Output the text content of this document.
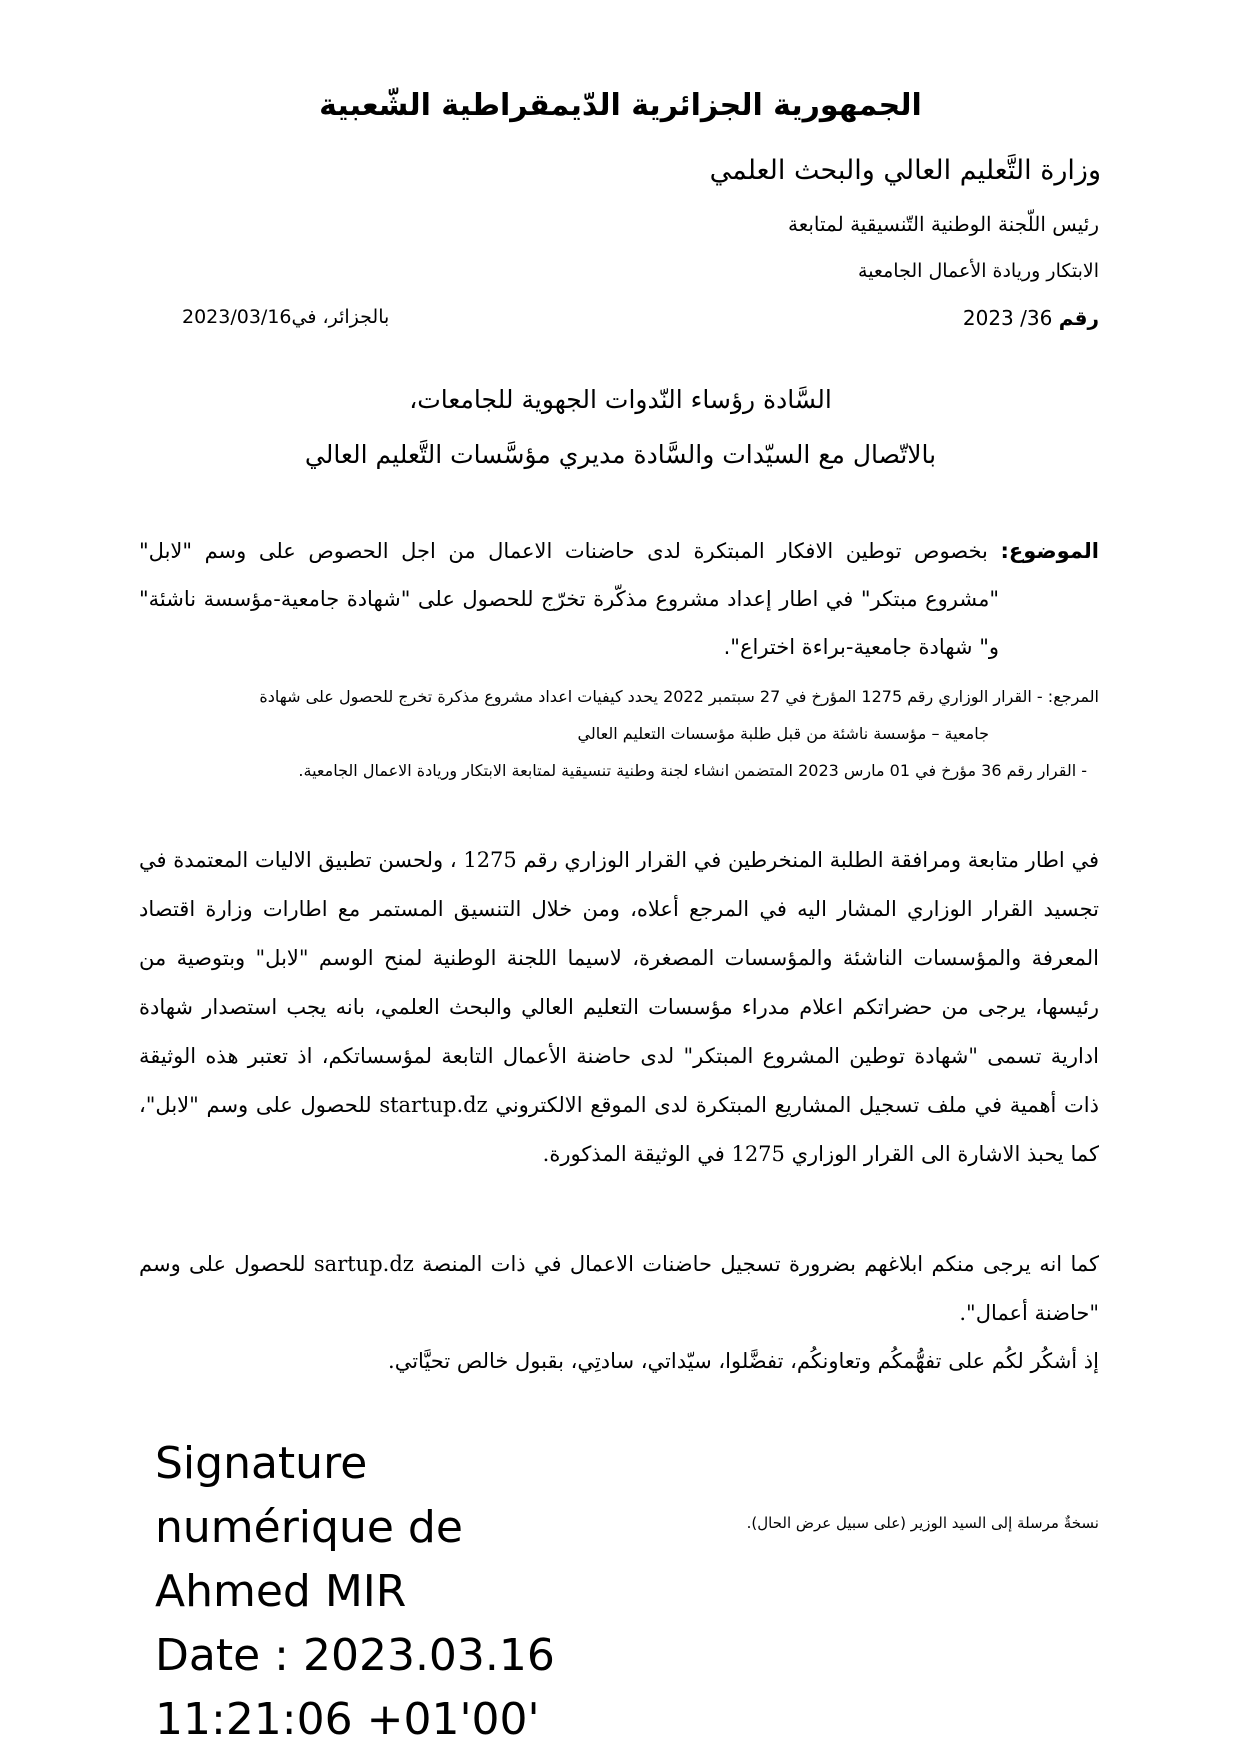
الجمهورية الجزائرية الدّيمقراطية الشّعبية
وزارة التَّعليم العالي والبحث العلمي
رئيس اللّجنة الوطنية التّنسيقية لمتابعة
الابتكار وريادة الأعمال الجامعية
رقم 36/ 2023
بالجزائر، في2023/03/16
السَّادة رؤساء النّدوات الجهوية للجامعات،
بالاتّصال مع السيّدات والسَّادة مديري مؤسَّسات التَّعليم العالي
الموضوع: بخصوص توطين الافكار المبتكرة لدى حاضنات الاعمال من اجل الحصوص على وسم "لابل"
"مشروع مبتكر" في اطار إعداد مشروع مذكّرة تخرّج للحصول على "شهادة جامعية-مؤسسة ناشئة" و" شهادة جامعية-براءة اختراع".
المرجع: - القرار الوزاري رقم 1275 المؤرخ في 27 سبتمبر 2022 يحدد كيفيات اعداد مشروع مذكرة تخرج للحصول على شهادة
جامعية – مؤسسة ناشئة من قبل طلبة مؤسسات التعليم العالي
- القرار رقم 36 مؤرخ في 01 مارس 2023 المتضمن انشاء لجنة وطنية تنسيقية لمتابعة الابتكار وريادة الاعمال الجامعية.
في اطار متابعة ومرافقة الطلبة المنخرطين في القرار الوزاري رقم 1275 ، ولحسن تطبيق الاليات المعتمدة في تجسيد القرار الوزاري المشار اليه في المرجع أعلاه، ومن خلال التنسيق المستمر مع اطارات وزارة اقتصاد المعرفة والمؤسسات الناشئة والمؤسسات المصغرة، لاسيما اللجنة الوطنية لمنح الوسم "لابل" وبتوصية من رئيسها، يرجى من حضراتكم اعلام مدراء مؤسسات التعليم العالي والبحث العلمي، بانه يجب استصدار شهادة ادارية تسمى "شهادة توطين المشروع المبتكر" لدى حاضنة الأعمال التابعة لمؤسساتكم، اذ تعتبر هذه الوثيقة ذات أهمية في ملف تسجيل المشاريع المبتكرة لدى الموقع الالكتروني startup.dz للحصول على وسم "لابل"، كما يحبذ الاشارة الى القرار الوزاري 1275 في الوثيقة المذكورة.
كما انه يرجى منكم ابلاغهم بضرورة تسجيل حاضنات الاعمال في ذات المنصة sartup.dz للحصول على وسم "حاضنة أعمال".
إذ أشكُر لكُم على تفهُّمكُم وتعاونكُم، تفضَّلوا، سيّداتي، سادتِي، بقبول خالص تحيَّاتي.
نسخةٌ مرسلة إلى السيد الوزير (على سبيل عرض الحال).
Signature
numérique de
Ahmed MIR
Date : 2023.03.16
11:21:06 +01'00'
